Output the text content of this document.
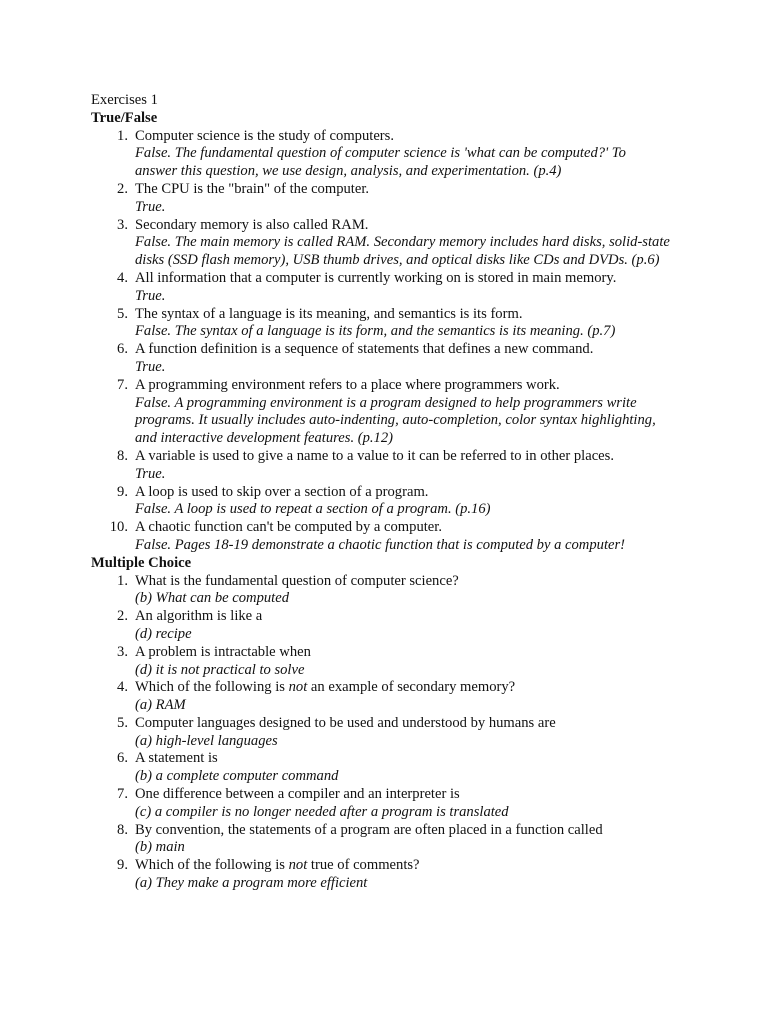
Exercises 1
True/False
1. Computer science is the study of computers.
False. The fundamental question of computer science is 'what can be computed?' To answer this question, we use design, analysis, and experimentation. (p.4)
2. The CPU is the "brain" of the computer.
True.
3. Secondary memory is also called RAM.
False. The main memory is called RAM. Secondary memory includes hard disks, solid-state disks (SSD flash memory), USB thumb drives, and optical disks like CDs and DVDs. (p.6)
4. All information that a computer is currently working on is stored in main memory.
True.
5. The syntax of a language is its meaning, and semantics is its form.
False. The syntax of a language is its form, and the semantics is its meaning. (p.7)
6. A function definition is a sequence of statements that defines a new command.
True.
7. A programming environment refers to a place where programmers work.
False. A programming environment is a program designed to help programmers write programs. It usually includes auto-indenting, auto-completion, color syntax highlighting, and interactive development features. (p.12)
8. A variable is used to give a name to a value to it can be referred to in other places.
True.
9. A loop is used to skip over a section of a program.
False. A loop is used to repeat a section of a program. (p.16)
10. A chaotic function can't be computed by a computer.
False. Pages 18-19 demonstrate a chaotic function that is computed by a computer!
Multiple Choice
1. What is the fundamental question of computer science?
(b) What can be computed
2. An algorithm is like a
(d) recipe
3. A problem is intractable when
(d) it is not practical to solve
4. Which of the following is not an example of secondary memory?
(a) RAM
5. Computer languages designed to be used and understood by humans are
(a) high-level languages
6. A statement is
(b) a complete computer command
7. One difference between a compiler and an interpreter is
(c) a compiler is no longer needed after a program is translated
8. By convention, the statements of a program are often placed in a function called
(b) main
9. Which of the following is not true of comments?
(a) They make a program more efficient
